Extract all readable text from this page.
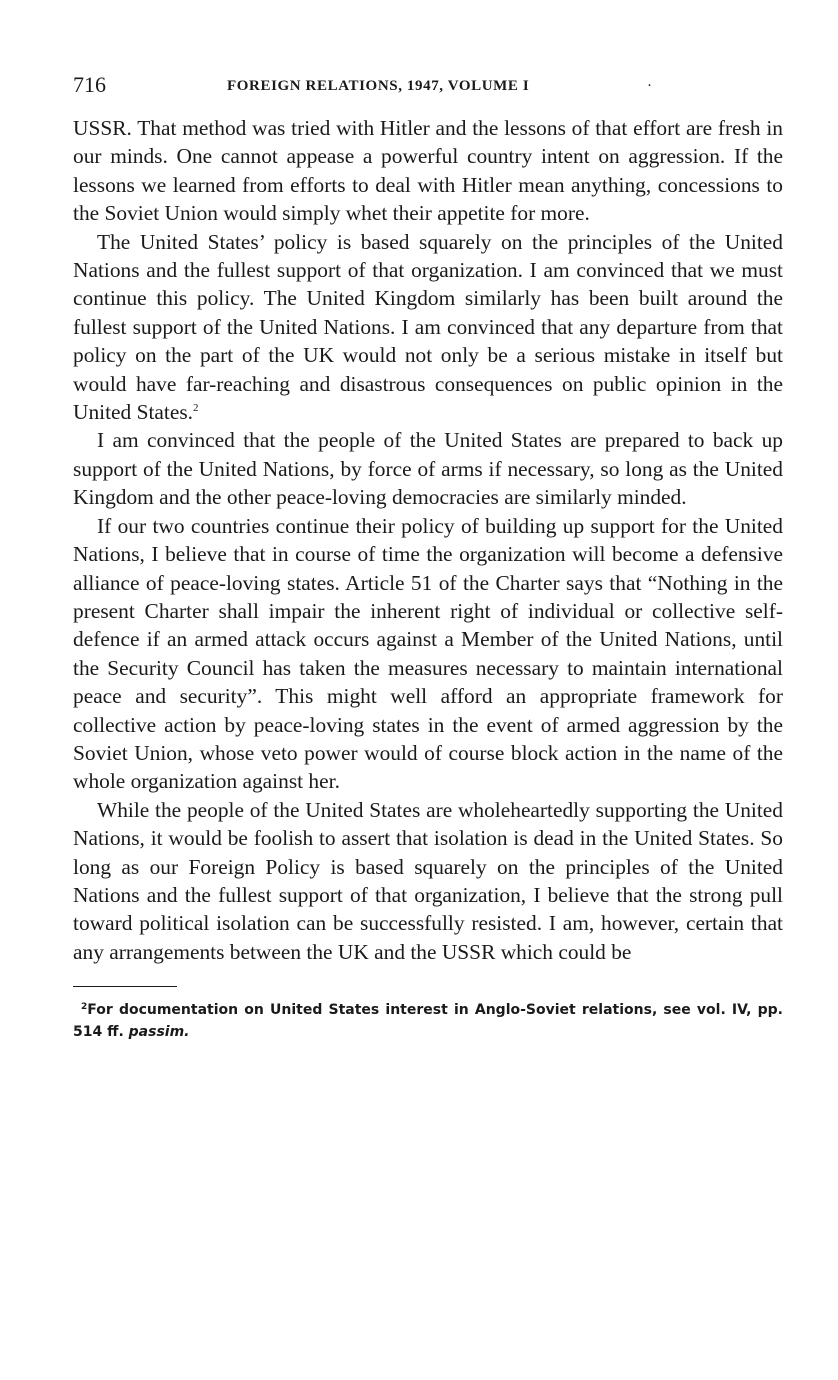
716	FOREIGN RELATIONS, 1947, VOLUME I	·

USSR. That method was tried with Hitler and the lessons of that effort are fresh in our minds. One cannot appease a powerful country intent on aggression. If the lessons we learned from efforts to deal with Hitler mean anything, concessions to the Soviet Union would simply whet their appetite for more.

The United States’ policy is based squarely on the principles of the United Nations and the fullest support of that organization. I am convinced that we must continue this policy. The United Kingdom similarly has been built around the fullest support of the United Nations. I am convinced that any departure from that policy on the part of the UK would not only be a serious mistake in itself but would have far-reaching and disastrous consequences on public opinion in the United States.$^2$

I am convinced that the people of the United States are prepared to back up support of the United Nations, by force of arms if necessary, so long as the United Kingdom and the other peace-loving democracies are similarly minded.

If our two countries continue their policy of building up support for the United Nations, I believe that in course of time the organization will become a defensive alliance of peace-loving states. Article 51 of the Charter says that “Nothing in the present Charter shall impair the inherent right of individual or collective self-defence if an armed attack occurs against a Member of the United Nations, until the Security Council has taken the measures necessary to maintain international peace and security”. This might well afford an appropriate framework for collective action by peace-loving states in the event of armed aggression by the Soviet Union, whose veto power would of course block action in the name of the whole organization against her.

While the people of the United States are wholeheartedly supporting the United Nations, it would be foolish to assert that isolation is dead in the United States. So long as our Foreign Policy is based squarely on the principles of the United Nations and the fullest support of that organization, I believe that the strong pull toward political isolation can be successfully resisted. I am, however, certain that any arrangements between the UK and the USSR which could be

$^2$For documentation on United States interest in Anglo-Soviet relations, see vol. IV, pp. 514 ff. passim.
